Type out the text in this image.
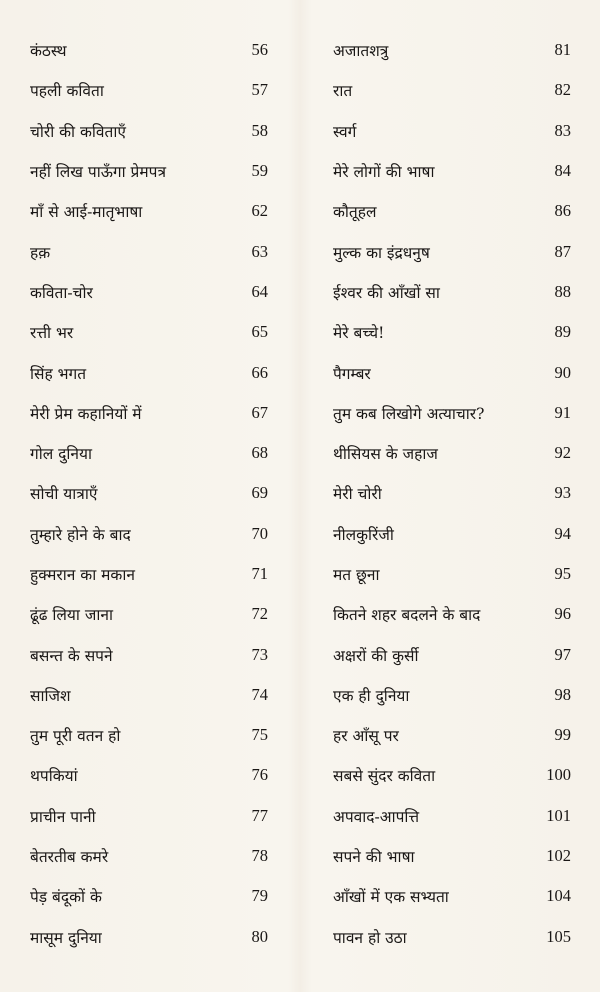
कंठस्थ	56
पहली कविता	57
चोरी की कविताएँ	58
नहीं लिख पाऊँगा प्रेमपत्र	59
माँ से आई-मातृभाषा	62
हक़	63
कविता-चोर	64
रत्ती भर	65
सिंह भगत	66
मेरी प्रेम कहानियों में	67
गोल दुनिया	68
सोची यात्राएँ	69
तुम्हारे होने के बाद	70
हुक्मरान का मकान	71
ढूंढ लिया जाना	72
बसन्त के सपने	73
साजिश	74
तुम पूरी वतन हो	75
थपकियां	76
प्राचीन पानी	77
बेतरतीब कमरे	78
पेड़ बंदूकों के	79
मासूम दुनिया	80
अजातशत्रु	81
रात	82
स्वर्ग	83
मेरे लोगों की भाषा	84
कौतूहल	86
मुल्क का इंद्रधनुष	87
ईश्वर की आँखों सा	88
मेरे बच्चे!	89
पैगम्बर	90
तुम कब लिखोगे अत्याचार?	91
थीसियस के जहाज	92
मेरी चोरी	93
नीलकुरिंजी	94
मत छूना	95
कितने शहर बदलने के बाद	96
अक्षरों की कुर्सी	97
एक ही दुनिया	98
हर आँसू पर	99
सबसे सुंदर कविता	100
अपवाद-आपत्ति	101
सपने की भाषा	102
आँखों में एक सभ्यता	104
पावन हो उठा	105
